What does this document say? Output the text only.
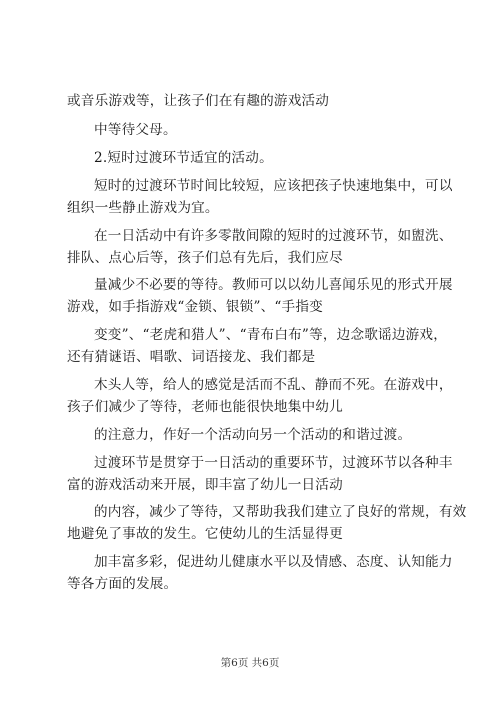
或音乐游戏等，让孩子们在有趣的游戏活动
中等待父母。
2.短时过渡环节适宜的活动。
短时的过渡环节时间比较短，应该把孩子快速地集中，可以
组织一些静止游戏为宜。
在一日活动中有许多零散间隙的短时的过渡环节，如盥洗、
排队、点心后等，孩子们总有先后，我们应尽
量减少不必要的等待。教师可以以幼儿喜闻乐见的形式开展
游戏，如手指游戏“金锁、银锁”、“手指变
变变”、“老虎和猎人”、“青布白布”等，边念歌谣边游戏，
还有猜谜语、唱歌、词语接龙、我们都是
木头人等，给人的感觉是活而不乱、静而不死。在游戏中，
孩子们减少了等待，老师也能很快地集中幼儿
的注意力，作好一个活动向另一个活动的和谐过渡。
过渡环节是贯穿于一日活动的重要环节，过渡环节以各种丰
富的游戏活动来开展，即丰富了幼儿一日活动
的内容，减少了等待，又帮助我我们建立了良好的常规，有效
地避免了事故的发生。它使幼儿的生活显得更
加丰富多彩，促进幼儿健康水平以及情感、态度、认知能力
等各方面的发展。
第6页 共6页
